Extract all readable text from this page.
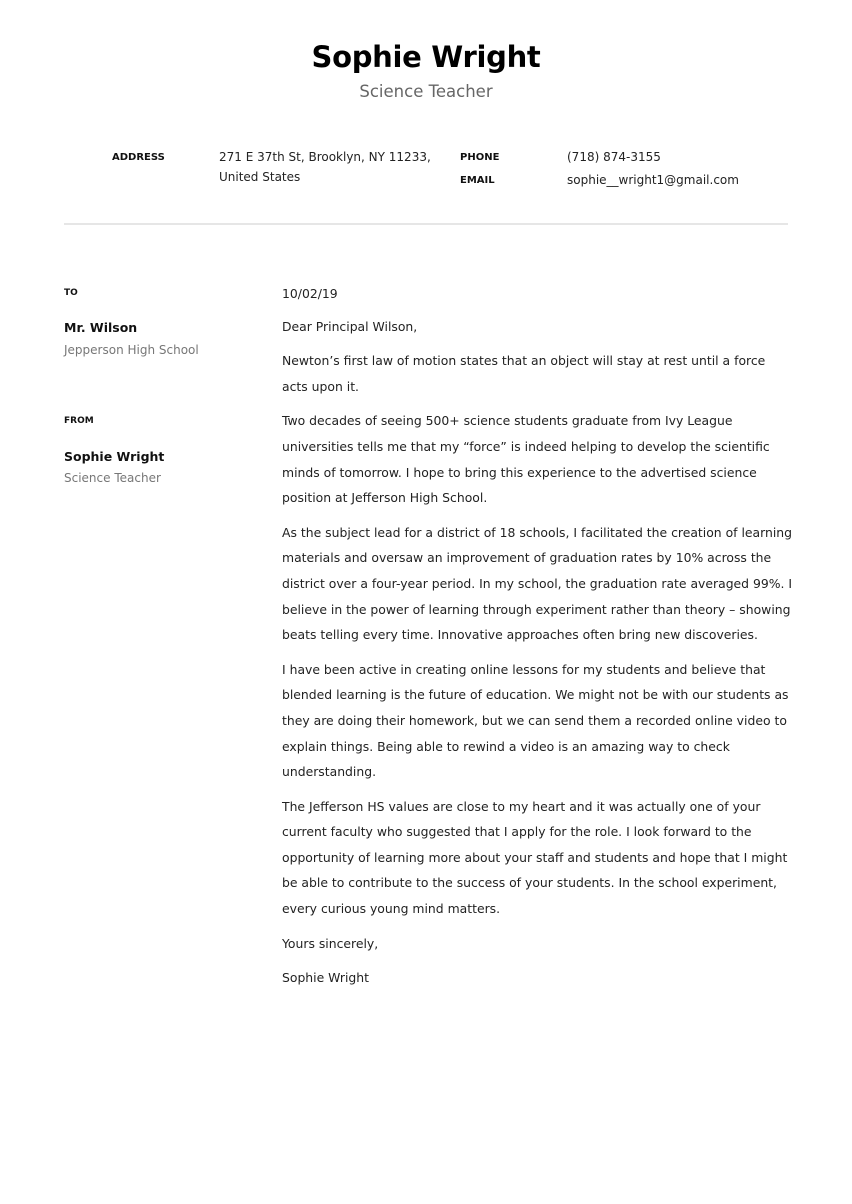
Sophie Wright
Science Teacher
ADDRESS	271 E 37th St, Brooklyn, NY 11233,
United States
PHONE	(718) 874-3155
EMAIL	sophie__wright1@gmail.com
TO
Mr. Wilson
Jepperson High School
FROM
Sophie Wright
Science Teacher

10/02/19

Dear Principal Wilson,

Newton’s first law of motion states that an object will stay at rest until a force acts upon it.

Two decades of seeing 500+ science students graduate from Ivy League universities tells me that my “force” is indeed helping to develop the scientific minds of tomorrow. I hope to bring this experience to the advertised science position at Jefferson High School.

As the subject lead for a district of 18 schools, I facilitated the creation of learning materials and oversaw an improvement of graduation rates by 10% across the district over a four-year period. In my school, the graduation rate averaged 99%. I believe in the power of learning through experiment rather than theory – showing beats telling every time. Innovative approaches often bring new discoveries.

I have been active in creating online lessons for my students and believe that blended learning is the future of education. We might not be with our students as they are doing their homework, but we can send them a recorded online video to explain things. Being able to rewind a video is an amazing way to check understanding.

The Jefferson HS values are close to my heart and it was actually one of your current faculty who suggested that I apply for the role. I look forward to the opportunity of learning more about your staff and students and hope that I might be able to contribute to the success of your students. In the school experiment, every curious young mind matters.

Yours sincerely,

Sophie Wright
